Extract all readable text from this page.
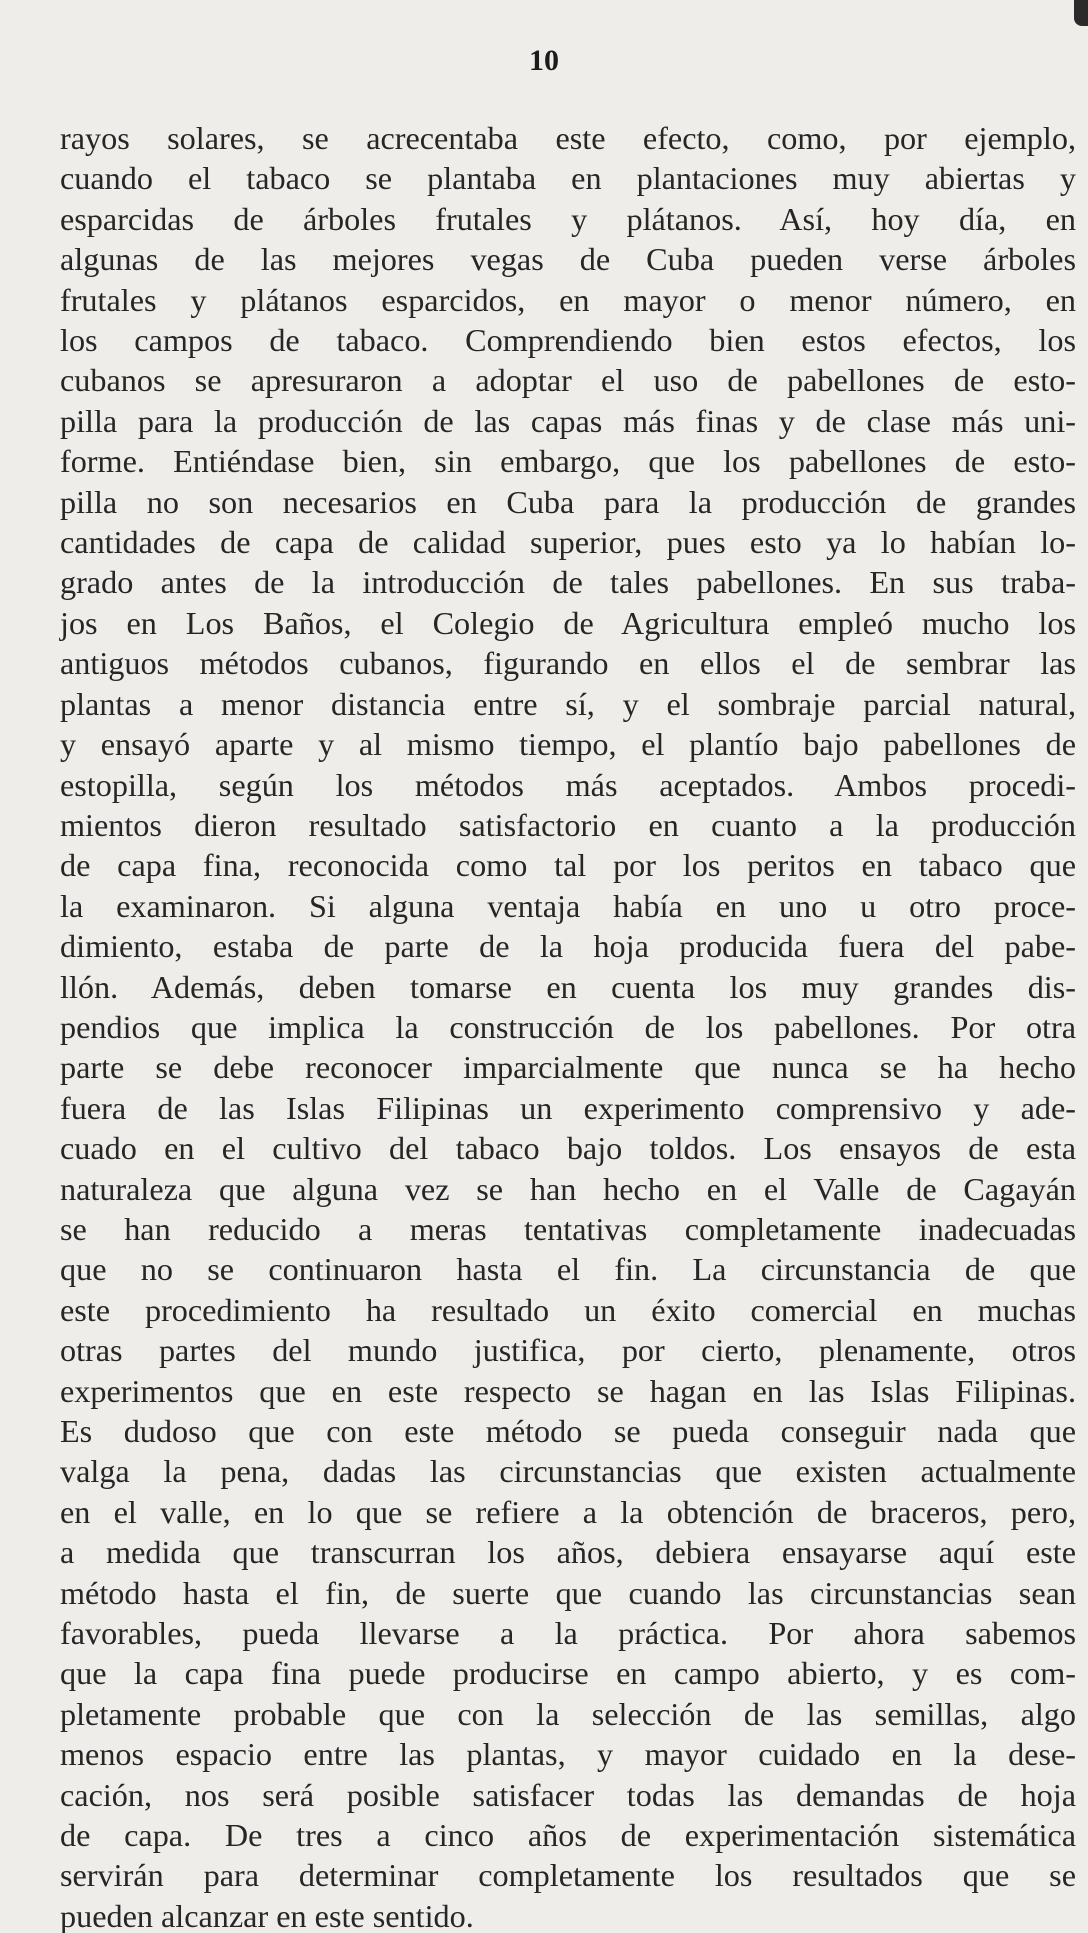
10
rayos solares, se acrecentaba este efecto, como, por ejemplo,
cuando el tabaco se plantaba en plantaciones muy abiertas y
esparcidas de árboles frutales y plátanos. Así, hoy día, en
algunas de las mejores vegas de Cuba pueden verse árboles
frutales y plátanos esparcidos, en mayor o menor número, en
los campos de tabaco. Comprendiendo bien estos efectos, los
cubanos se apresuraron a adoptar el uso de pabellones de esto-
pilla para la producción de las capas más finas y de clase más uni-
forme. Entiéndase bien, sin embargo, que los pabellones de esto-
pilla no son necesarios en Cuba para la producción de grandes
cantidades de capa de calidad superior, pues esto ya lo habían lo-
grado antes de la introducción de tales pabellones. En sus traba-
jos en Los Baños, el Colegio de Agricultura empleó mucho los
antiguos métodos cubanos, figurando en ellos el de sembrar las
plantas a menor distancia entre sí, y el sombraje parcial natural,
y ensayó aparte y al mismo tiempo, el plantío bajo pabellones de
estopilla, según los métodos más aceptados. Ambos procedi-
mientos dieron resultado satisfactorio en cuanto a la producción
de capa fina, reconocida como tal por los peritos en tabaco que
la examinaron. Si alguna ventaja había en uno u otro proce-
dimiento, estaba de parte de la hoja producida fuera del pabe-
llón. Además, deben tomarse en cuenta los muy grandes dis-
pendios que implica la construcción de los pabellones. Por otra
parte se debe reconocer imparcialmente que nunca se ha hecho
fuera de las Islas Filipinas un experimento comprensivo y ade-
cuado en el cultivo del tabaco bajo toldos. Los ensayos de esta
naturaleza que alguna vez se han hecho en el Valle de Cagayán
se han reducido a meras tentativas completamente inadecuadas
que no se continuaron hasta el fin. La circunstancia de que
este procedimiento ha resultado un éxito comercial en muchas
otras partes del mundo justifica, por cierto, plenamente, otros
experimentos que en este respecto se hagan en las Islas Filipinas.
Es dudoso que con este método se pueda conseguir nada que
valga la pena, dadas las circunstancias que existen actualmente
en el valle, en lo que se refiere a la obtención de braceros, pero,
a medida que transcurran los años, debiera ensayarse aquí este
método hasta el fin, de suerte que cuando las circunstancias sean
favorables, pueda llevarse a la práctica. Por ahora sabemos
que la capa fina puede producirse en campo abierto, y es com-
pletamente probable que con la selección de las semillas, algo
menos espacio entre las plantas, y mayor cuidado en la dese-
cación, nos será posible satisfacer todas las demandas de hoja
de capa. De tres a cinco años de experimentación sistemática
servirán para determinar completamente los resultados que se
pueden alcanzar en este sentido.
